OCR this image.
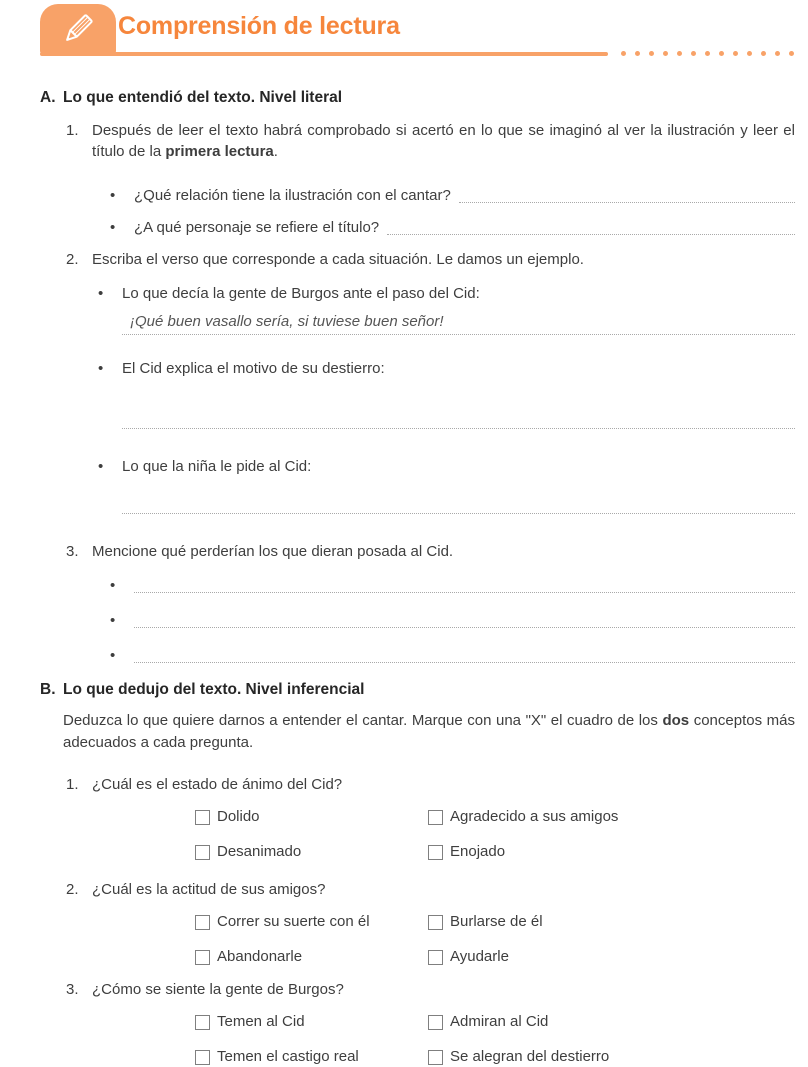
Comprensión de lectura
A. Lo que entendió del texto. Nivel literal
1. Después de leer el texto habrá comprobado si acertó en lo que se imaginó al ver la ilustración y leer el título de la primera lectura.

•	¿Qué relación tiene la ilustración con el cantar?
•	¿A qué personaje se refiere el título?
2. Escriba el verso que corresponde a cada situación. Le damos un ejemplo.

•	Lo que decía la gente de Burgos ante el paso del Cid:
¡Qué buen vasallo sería, si tuviese buen señor!
•	El Cid explica el motivo de su destierro:
•	Lo que la niña le pide al Cid:
3. Mencione qué perderían los que dieran posada al Cid.

•
•
•
B. Lo que dedujo del texto. Nivel inferencial

Deduzca lo que quiere darnos a entender el cantar. Marque con una "X" el cuadro de los dos conceptos más adecuados a cada pregunta.

1. ¿Cuál es el estado de ánimo del Cid?

Dolido	Agradecido a sus amigos
Desanimado	Enojado
2. ¿Cuál es la actitud de sus amigos?

Correr su suerte con él	Burlarse de él
Abandonarle	Ayudarle
3. ¿Cómo se siente la gente de Burgos?

Temen al Cid	Admiran al Cid
Temen el castigo real	Se alegran del destierro
